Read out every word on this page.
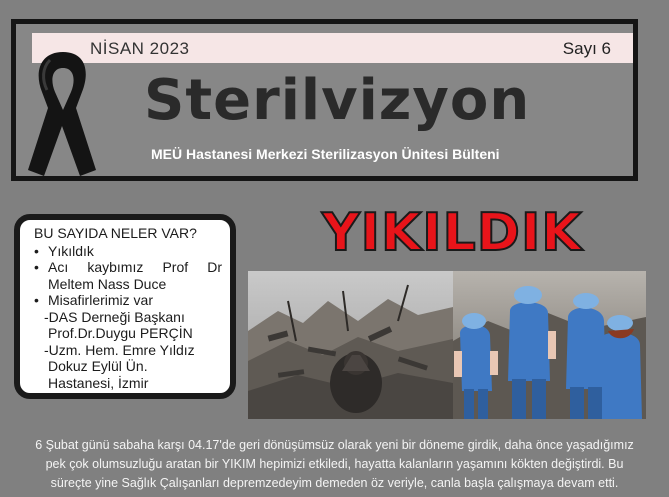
NİSAN 2023	Sayı 6
Sterilvizyon
MEÜ Hastanesi Merkezi Sterilizasyon Ünitesi Bülteni
BU SAYIDA NELER VAR?
• Yıkıldık
• Acı kaybımız Prof Dr
Meltem Nass Duce
• Misafirlerimiz var
-DAS Derneği Başkanı
Prof.Dr.Duygu PERÇİN
-Uzm. Hem. Emre Yıldız
Dokuz Eylül Ün.
Hastanesi, İzmir
YIKILDIK
6 Şubat günü sabaha karşı 04.17'de geri dönüşümsüz olarak yeni bir döneme girdik, daha önce yaşadığımız
pek çok olumsuzluğu aratan bir YIKIM hepimizi etkiledi, hayatta kalanların yaşamını kökten değiştirdi. Bu
süreçte yine Sağlık Çalışanları depremzedeyim demeden öz veriyle, canla başla çalışmaya devam etti.
